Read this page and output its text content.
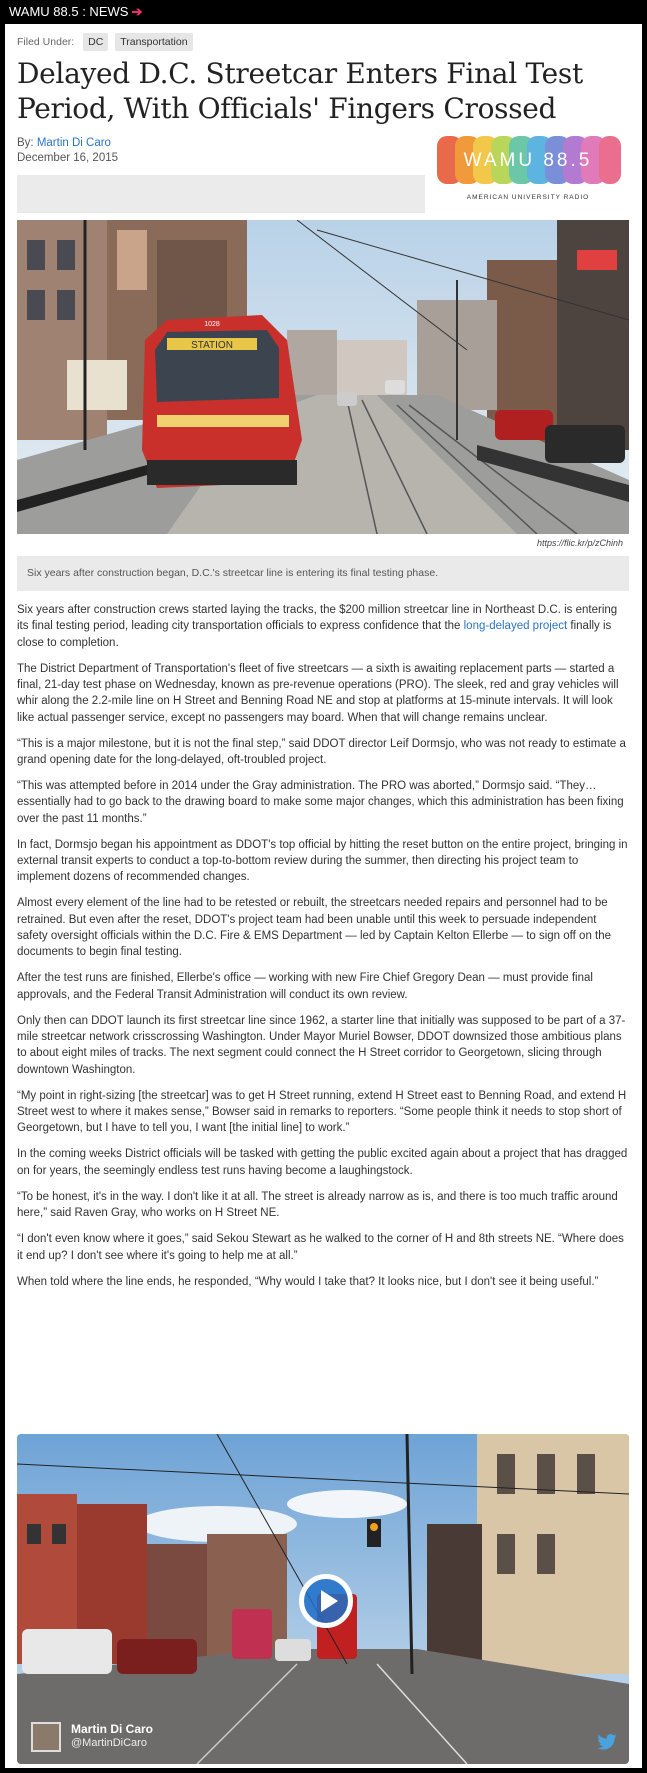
WAMU 88.5 : NEWS ➔
Filed Under: DC Transportation
Delayed D.C. Streetcar Enters Final Test Period, With Officials' Fingers Crossed
By: Martin Di Caro
December 16, 2015	WAMU 88.5
AMERICAN UNIVERSITY RADIO
STATION
1028
https://flic.kr/p/zChinh
Six years after construction began, D.C.'s streetcar line is entering its final testing phase.

Six years after construction crews started laying the tracks, the $200 million streetcar line in Northeast D.C. is entering its final testing period, leading city transportation officials to express confidence that the long-delayed project finally is close to completion.

The District Department of Transportation's fleet of five streetcars — a sixth is awaiting replacement parts — started a final, 21-day test phase on Wednesday, known as pre-revenue operations (PRO). The sleek, red and gray vehicles will whir along the 2.2-mile line on H Street and Benning Road NE and stop at platforms at 15-minute intervals. It will look like actual passenger service, except no passengers may board. When that will change remains unclear.

“This is a major milestone, but it is not the final step,” said DDOT director Leif Dormsjo, who was not ready to estimate a grand opening date for the long-delayed, oft-troubled project.

“This was attempted before in 2014 under the Gray administration. The PRO was aborted,” Dormsjo said. “They…essentially had to go back to the drawing board to make some major changes, which this administration has been fixing over the past 11 months.”

In fact, Dormsjo began his appointment as DDOT's top official by hitting the reset button on the entire project, bringing in external transit experts to conduct a top-to-bottom review during the summer, then directing his project team to implement dozens of recommended changes.

Almost every element of the line had to be retested or rebuilt, the streetcars needed repairs and personnel had to be retrained. But even after the reset, DDOT's project team had been unable until this week to persuade independent safety oversight officials within the D.C. Fire & EMS Department — led by Captain Kelton Ellerbe — to sign off on the documents to begin final testing.

After the test runs are finished, Ellerbe's office — working with new Fire Chief Gregory Dean — must provide final approvals, and the Federal Transit Administration will conduct its own review.

Only then can DDOT launch its first streetcar line since 1962, a starter line that initially was supposed to be part of a 37-mile streetcar network crisscrossing Washington. Under Mayor Muriel Bowser, DDOT downsized those ambitious plans to about eight miles of tracks. The next segment could connect the H Street corridor to Georgetown, slicing through downtown Washington.

“My point in right-sizing [the streetcar] was to get H Street running, extend H Street east to Benning Road, and extend H Street west to where it makes sense,” Bowser said in remarks to reporters. “Some people think it needs to stop short of Georgetown, but I have to tell you, I want [the initial line] to work.”

In the coming weeks District officials will be tasked with getting the public excited again about a project that has dragged on for years, the seemingly endless test runs having become a laughingstock.

“To be honest, it's in the way. I don't like it at all. The street is already narrow as is, and there is too much traffic around here,” said Raven Gray, who works on H Street NE.

“I don't even know where it goes,” said Sekou Stewart as he walked to the corner of H and 8th streets NE. “Where does it end up? I don't see where it's going to help me at all.”

When told where the line ends, he responded, “Why would I take that? It looks nice, but I don't see it being useful.”

Martin Di Caro
@MartinDiCaro
